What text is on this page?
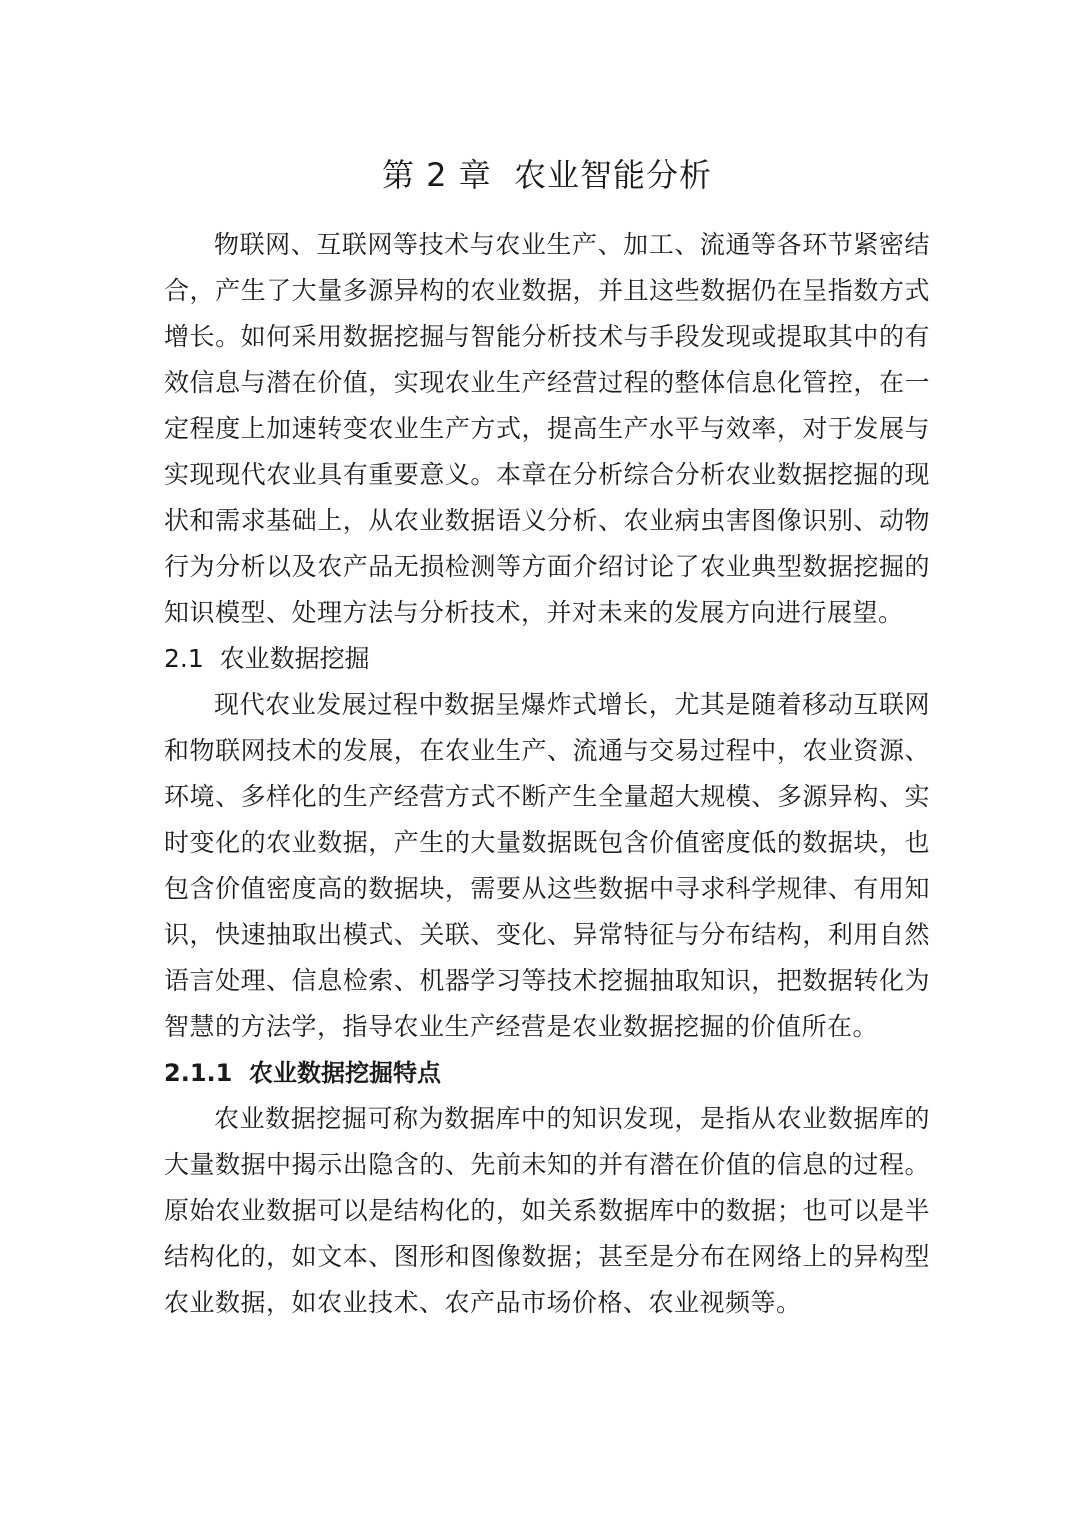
第 2 章  农业智能分析

物联网、互联网等技术与农业生产、加工、流通等各环节紧密结合，产生了大量多源异构的农业数据，并且这些数据仍在呈指数方式增长。如何采用数据挖掘与智能分析技术与手段发现或提取其中的有效信息与潜在价值，实现农业生产经营过程的整体信息化管控，在一定程度上加速转变农业生产方式，提高生产水平与效率，对于发展与实现现代农业具有重要意义。本章在分析综合分析农业数据挖掘的现状和需求基础上，从农业数据语义分析、农业病虫害图像识别、动物行为分析以及农产品无损检测等方面介绍讨论了农业典型数据挖掘的知识模型、处理方法与分析技术，并对未来的发展方向进行展望。

2.1  农业数据挖掘

现代农业发展过程中数据呈爆炸式增长，尤其是随着移动互联网和物联网技术的发展，在农业生产、流通与交易过程中，农业资源、环境、多样化的生产经营方式不断产生全量超大规模、多源异构、实时变化的农业数据，产生的大量数据既包含价值密度低的数据块，也包含价值密度高的数据块，需要从这些数据中寻求科学规律、有用知识，快速抽取出模式、关联、变化、异常特征与分布结构，利用自然语言处理、信息检索、机器学习等技术挖掘抽取知识，把数据转化为智慧的方法学，指导农业生产经营是农业数据挖掘的价值所在。

2.1.1  农业数据挖掘特点

农业数据挖掘可称为数据库中的知识发现，是指从农业数据库的大量数据中揭示出隐含的、先前未知的并有潜在价值的信息的过程。原始农业数据可以是结构化的，如关系数据库中的数据；也可以是半结构化的，如文本、图形和图像数据；甚至是分布在网络上的异构型农业数据，如农业技术、农产品市场价格、农业视频等。
